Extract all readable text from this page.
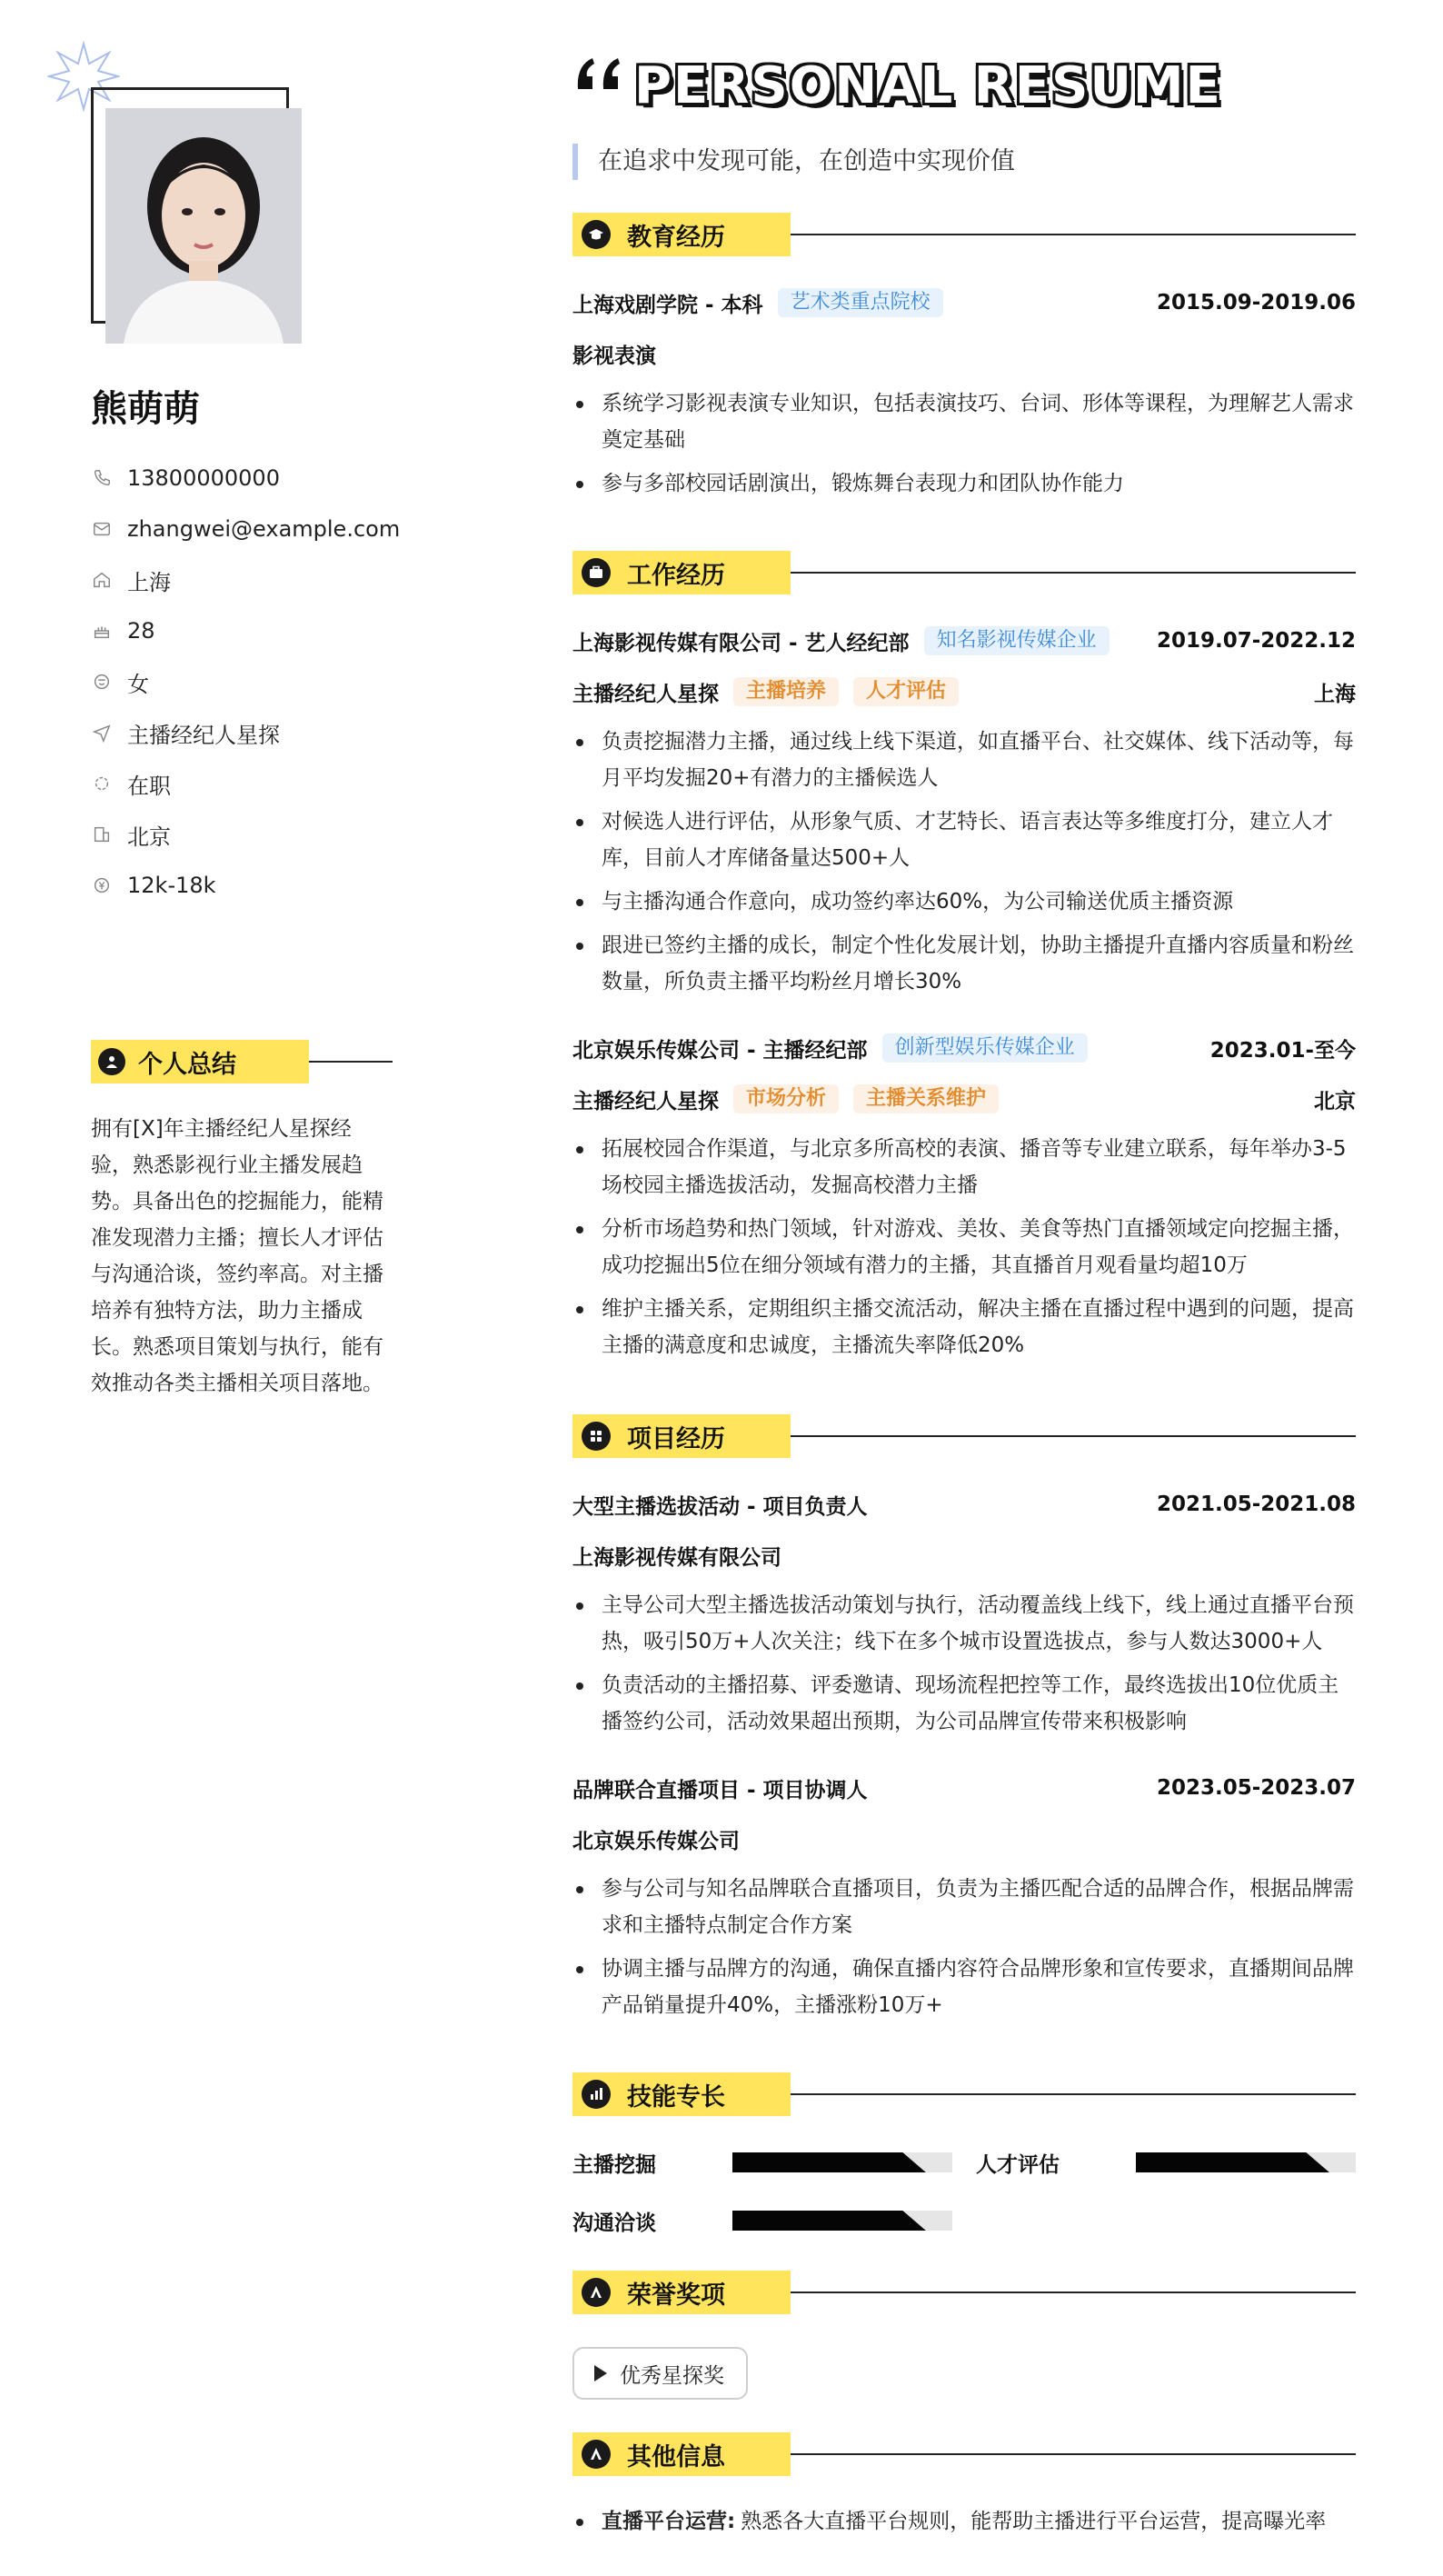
熊萌萌
13800000000
zhangwei@example.com
上海
28
女
主播经纪人星探
在职
北京
12k-18k
个人总结
拥有[X]年主播经纪人星探经验，熟悉影视行业主播发展趋势。具备出色的挖掘能力，能精准发现潜力主播；擅长人才评估与沟通洽谈，签约率高。对主播培养有独特方法，助力主播成长。熟悉项目策划与执行，能有效推动各类主播相关项目落地。
PERSONAL RESUME
在追求中发现可能，在创造中实现价值
教育经历
上海戏剧学院 - 本科	艺术类重点院校	2015.09-2019.06
影视表演
系统学习影视表演专业知识，包括表演技巧、台词、形体等课程，为理解艺人需求奠定基础
参与多部校园话剧演出，锻炼舞台表现力和团队协作能力
工作经历
上海影视传媒有限公司 - 艺人经纪部	知名影视传媒企业	2019.07-2022.12
主播经纪人星探	主播培养	人才评估	上海
负责挖掘潜力主播，通过线上线下渠道，如直播平台、社交媒体、线下活动等，每月平均发掘20+有潜力的主播候选人
对候选人进行评估，从形象气质、才艺特长、语言表达等多维度打分，建立人才库，目前人才库储备量达500+人
与主播沟通合作意向，成功签约率达60%，为公司输送优质主播资源
跟进已签约主播的成长，制定个性化发展计划，协助主播提升直播内容质量和粉丝数量，所负责主播平均粉丝月增长30%
北京娱乐传媒公司 - 主播经纪部	创新型娱乐传媒企业	2023.01-至今
主播经纪人星探	市场分析	主播关系维护	北京
拓展校园合作渠道，与北京多所高校的表演、播音等专业建立联系，每年举办3-5场校园主播选拔活动，发掘高校潜力主播
分析市场趋势和热门领域，针对游戏、美妆、美食等热门直播领域定向挖掘主播，成功挖掘出5位在细分领域有潜力的主播，其直播首月观看量均超10万
维护主播关系，定期组织主播交流活动，解决主播在直播过程中遇到的问题，提高主播的满意度和忠诚度，主播流失率降低20%
项目经历
大型主播选拔活动 - 项目负责人	2021.05-2021.08
上海影视传媒有限公司
主导公司大型主播选拔活动策划与执行，活动覆盖线上线下，线上通过直播平台预热，吸引50万+人次关注；线下在多个城市设置选拔点，参与人数达3000+人
负责活动的主播招募、评委邀请、现场流程把控等工作，最终选拔出10位优质主播签约公司，活动效果超出预期，为公司品牌宣传带来积极影响
品牌联合直播项目 - 项目协调人	2023.05-2023.07
北京娱乐传媒公司
参与公司与知名品牌联合直播项目，负责为主播匹配合适的品牌合作，根据品牌需求和主播特点制定合作方案
协调主播与品牌方的沟通，确保直播内容符合品牌形象和宣传要求，直播期间品牌产品销量提升40%，主播涨粉10万+
技能专长
主播挖掘	人才评估
沟通洽谈
荣誉奖项
优秀星探奖
其他信息
直播平台运营: 熟悉各大直播平台规则，能帮助主播进行平台运营，提高曝光率
